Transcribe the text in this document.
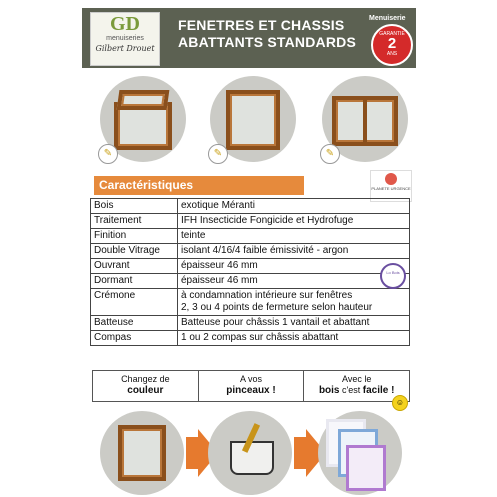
GD
menuiseries
Gilbert Drouet
FENETRES ET CHASSIS
ABATTANTS STANDARDS
Menuiserie
GARANTIE
2
ANS
✎	✎	✎
Caractéristiques	PLANETE URGENCE
Bois	exotique Méranti

Traitement	IFH Insecticide Fongicide et Hydrofuge

Finition	teinte

Double Vitrage	isolant 4/16/4 faible émissivité - argon

Ouvrant	épaisseur 46 mm

Dormant	épaisseur 46 mm

Crémone	à condamnation intérieure sur fenêtres
2, 3 ou 4 points de fermeture selon hauteur

Batteuse	Batteuse pour châssis 1 vantail et abattant

Compas	1 ou 2 compas sur châssis abattant
Lo Bois
Changez de
couleur
A vos
pinceaux !
Avec le
bois c'est facile !
☺
